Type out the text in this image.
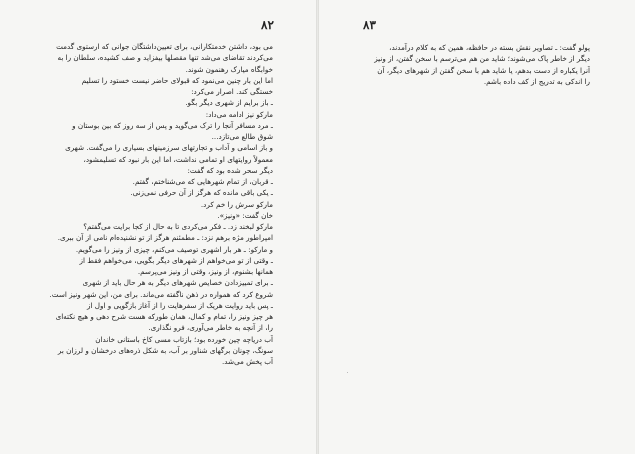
۸۲
می بود، داشتن خدمتکارانی، برای تعیین‌داشتگان جوانی که ارستوی گدمت
می‌کردند تقاضای می‌شد تنها مقصلها بیفزاید و صف کشیده، سلطان را به
خوابگاه میارک رهنمون شوند.
اما این بار چنین می‌نمود که قبولای حاضر نیست خستود را تسلیم
خستگی کند. اصرار می‌کرد:
ـ باز برایم از شهری دیگر بگو.
مارکو نیز ادامه می‌داد:
ـ مرد مسافر آنجا را ترک می‌گوید و پس از سه روز که بین بوستان و
شوق طالع می‌تازد...
و باز اسامی و آداب و تجارتهای سرزمینهای بسیاری را می‌گفت. شهری
معمولاً روایتهای او تمامی نداشت، اما این بار نبود که تسلیمشود،
دیگر سحر شده بود که گفت:
ـ قربان، از تمام شهرهایی که می‌شناختم، گفتم.
ـ یکی باقی مانده که هرگز از آن حرفی نمی‌زنی.
مارکو سرش را خم کرد.
خان گفت: «ونیز».
مارکو لبخند زد. ـ فکر می‌کردی تا به حال از کجا برایت می‌گفتم؟
امپراطور مژه برهم نزد: ـ مطمئنم هرگز از تو نشنیده‌ام نامی از آن ببری.
و مارکو: ـ هر بار اشهری توصیف می‌کنم، چیزی از ونیز را می‌گویم.
ـ وقتی از تو می‌خواهم از شهرهای دیگر بگویی، می‌خواهم فقط از
همانها بشنوم، از ونیز، وقتی از ونیز می‌پرسم.
ـ برای تمییزدادن خصایص شهرهای دیگر به هر حال باید از شهری
شروع کرد که همواره در ذهن ناگفته می‌ماند. برای من، این شهر ونیز است.
ـ پس باید روایت هریک از سفرهایت را از آغاز بازگویی و اول از
هر چیز ونیز را، تمام و کمال، همان طورکه هست شرح دهی و هیچ نکته‌ای
را، از آنچه به خاطر می‌آوری، فرو نگذاری.
آب دریاچه چین خورده بود؛ بازتاب مسی کاخ باستانی خاندان
سونگ، چونان برگهای شناور بر آب، به شکل ذره‌های درخشان و لرزان بر
آب پخش می‌شد.
۸۳
پولو گفت: ـ تصاویر نقش بسته در حافظه، همین که به کلام درآمدند،
دیگر از خاطر پاک می‌شوند؛ شاید من هم می‌ترسم با سخن گفتن، از ونیز
آنرا یکباره از دست بدهم، یا شاید هم با سخن گفتن از شهرهای دیگر، آن
را اندکی به تدریج از کف داده باشم.
